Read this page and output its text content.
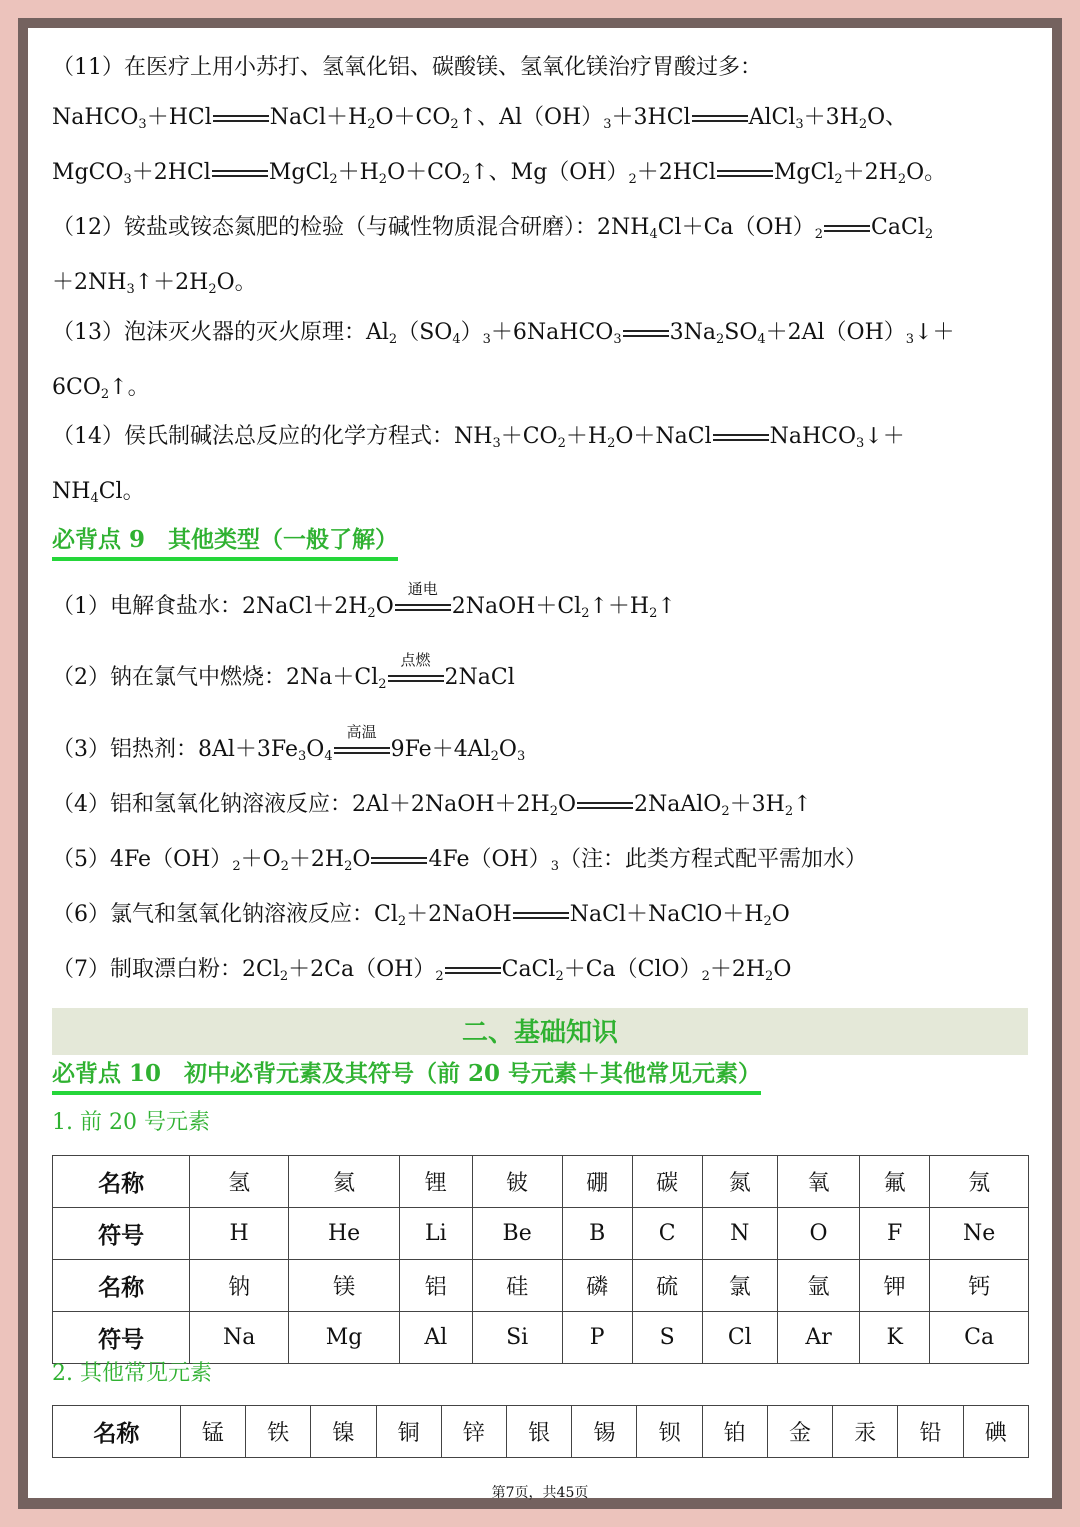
（11）在医疗上用小苏打、氢氧化铝、碳酸镁、氢氧化镁治疗胃酸过多：
NaHCO$_3$＋HCl	$NaCl+H_2O+CO_2↑$、$Al(OH)_3+3HCl$	$AlCl_3+3H_2O$、
MgCO$_3$＋2HCl	$MgCl_2+H_2O+CO_2↑$、$Mg(OH)_2+2HCl$	$MgCl_2+2H_2O$。
（12）铵盐或铵态氮肥的检验（与碱性物质混合研磨）：$2NH_4Cl+Ca(OH)_2$ CaCl$_2$
$+2NH_3↑+2H_2O$。
（13）泡沫灭火器的灭火原理：$Al_2(SO_4)_3+6NaHCO_3$ $3Na_2SO_4+2Al(OH)_3↓+$
$6CO_2↑$。
（14）侯氏制碱法总反应的化学方程式：$NH_3+CO_2+H_2O+NaCl$	NaHCO$_3$↓＋
$NH_4Cl$。
必背点 9　其他类型（一般了解）
（1）电解食盐水：$2NaCl+2H_2O$
通电
$2NaOH+Cl_2↑+H_2↑$
（2）钠在氯气中燃烧：$2Na+Cl_2$
点燃
2NaCl
（3）铝热剂：$8Al+3Fe_3O_4$
高温
$9Fe+4Al_2O_3$
（4）铝和氢氧化钠溶液反应：$2Al+2NaOH+2H_2O$	$2NaAlO_2+3H_2↑$
$(5)4Fe(OH)_2+O_2+2H_2O$	$4Fe(OH)_3$（注：此类方程式配平需加水）
（6）氯气和氢氧化钠溶液反应：$Cl_2+2NaOH$	$NaCl+NaClO+H_2O$
（7）制取漂白粉：$2Cl_2+2Ca(OH)_2$	$CaCl_2+Ca(ClO)_2+2H_2O$
二、基础知识
必背点 10　初中必背元素及其符号（前 20 号元素＋其他常见元素）
1. 前 20 号元素
名称	氢	氦	锂	铍	硼	碳	氮	氧	氟	氖
符号	H	He	Li	Be	B	C	N	O	F	Ne
名称	钠	镁	铝	硅	磷	硫	氯	氩	钾	钙
符号	Na	Mg	Al	Si	P	S	Cl	Ar	K	Ca
2. 其他常见元素
名称	锰	铁	镍	铜	锌	银	锡	钡	铂	金	汞	铅	碘
第7页，共45页
